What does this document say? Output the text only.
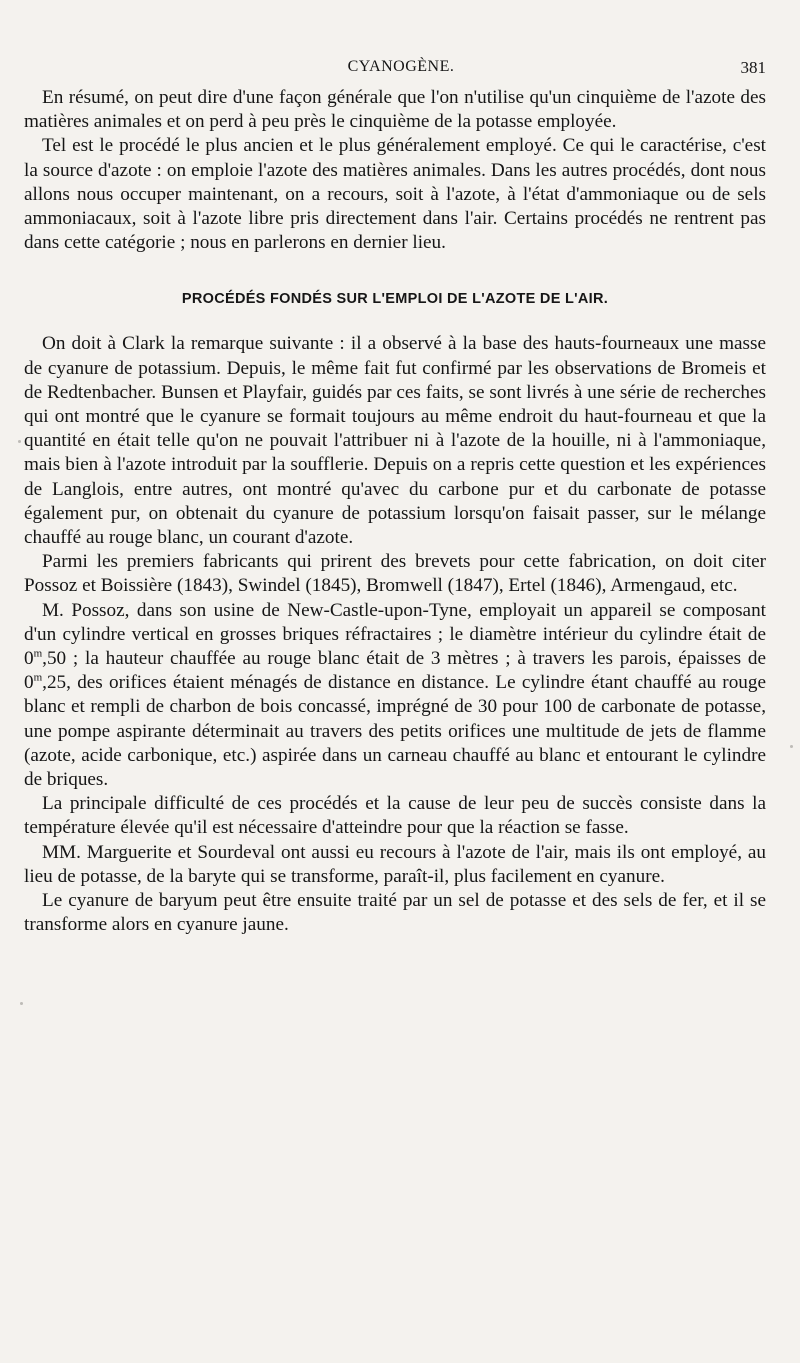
CYANOGÈNE.	381

En résumé, on peut dire d'une façon générale que l'on n'utilise qu'un cinquième de l'azote des matières animales et on perd à peu près le cinquième de la potasse employée.

Tel est le procédé le plus ancien et le plus généralement employé. Ce qui le caractérise, c'est la source d'azote : on emploie l'azote des matières animales. Dans les autres procédés, dont nous allons nous occuper maintenant, on a recours, soit à l'azote, à l'état d'ammoniaque ou de sels ammoniacaux, soit à l'azote libre pris directement dans l'air. Certains procédés ne rentrent pas dans cette catégorie ; nous en parlerons en dernier lieu.

PROCÉDÉS FONDÉS SUR L'EMPLOI DE L'AZOTE DE L'AIR.

On doit à Clark la remarque suivante : il a observé à la base des hauts-fourneaux une masse de cyanure de potassium. Depuis, le même fait fut confirmé par les observations de Bromeis et de Redtenbacher. Bunsen et Playfair, guidés par ces faits, se sont livrés à une série de recherches qui ont montré que le cyanure se formait toujours au même endroit du haut-fourneau et que la quantité en était telle qu'on ne pouvait l'attribuer ni à l'azote de la houille, ni à l'ammoniaque, mais bien à l'azote introduit par la soufflerie. Depuis on a repris cette question et les expériences de Langlois, entre autres, ont montré qu'avec du carbone pur et du carbonate de potasse également pur, on obtenait du cyanure de potassium lorsqu'on faisait passer, sur le mélange chauffé au rouge blanc, un courant d'azote.

Parmi les premiers fabricants qui prirent des brevets pour cette fabrication, on doit citer Possoz et Boissière (1843), Swindel (1845), Bromwell (1847), Ertel (1846), Armengaud, etc.

M. Possoz, dans son usine de New-Castle-upon-Tyne, employait un appareil se composant d'un cylindre vertical en grosses briques réfractaires ; le diamètre intérieur du cylindre était de 0$^m$,50 ; la hauteur chauffée au rouge blanc était de 3 mètres ; à travers les parois, épaisses de 0$^m$,25, des orifices étaient ménagés de distance en distance. Le cylindre étant chauffé au rouge blanc et rempli de charbon de bois concassé, imprégné de 30 pour 100 de carbonate de potasse, une pompe aspirante déterminait au travers des petits orifices une multitude de jets de flamme (azote, acide carbonique, etc.) aspirée dans un carneau chauffé au blanc et entourant le cylindre de briques.

La principale difficulté de ces procédés et la cause de leur peu de succès consiste dans la température élevée qu'il est nécessaire d'atteindre pour que la réaction se fasse.

MM. Marguerite et Sourdeval ont aussi eu recours à l'azote de l'air, mais ils ont employé, au lieu de potasse, de la baryte qui se transforme, paraît-il, plus facilement en cyanure.

Le cyanure de baryum peut être ensuite traité par un sel de potasse et des sels de fer, et il se transforme alors en cyanure jaune.
